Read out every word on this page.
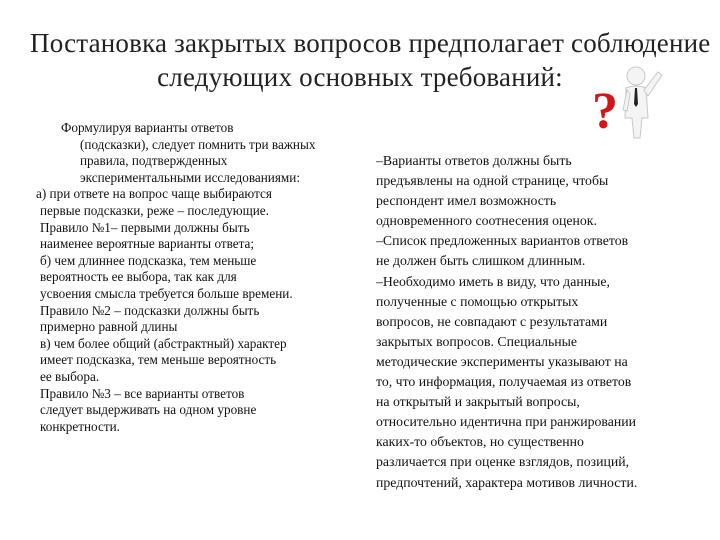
Постановка закрытых вопросов предполагает соблюдение
следующих основных требований:
?
Формулируя варианты ответов
(подсказки), следует помнить три важных
правила, подтвержденных
экспериментальными исследованиями:
а) при ответе на вопрос чаще выбираются
первые подсказки, реже – последующие.
Правило №1– первыми должны быть
наименее вероятные варианты ответа;
б) чем длиннее подсказка, тем меньше
вероятность ее выбора, так как для
усвоения смысла требуется больше времени.
Правило №2 – подсказки должны быть
примерно равной длины
в) чем более общий (абстрактный) характер
имеет подсказка, тем меньше вероятность
ее выбора.
Правило №3 – все варианты ответов
следует выдерживать на одном уровне
конкретности.
–Варианты ответов должны быть
предъявлены на одной странице, чтобы
респондент имел возможность
одновременного соотнесения оценок.
–Список предложенных вариантов ответов
не должен быть слишком длинным.
–Необходимо иметь в виду, что данные,
полученные с помощью открытых
вопросов, не совпадают с результатами
закрытых вопросов. Специальные
методические эксперименты указывают на
то, что информация, получаемая из ответов
на открытый и закрытый вопросы,
относительно идентична при ранжировании
каких-то объектов, но существенно
различается при оценке взглядов, позиций,
предпочтений, характера мотивов личности.
